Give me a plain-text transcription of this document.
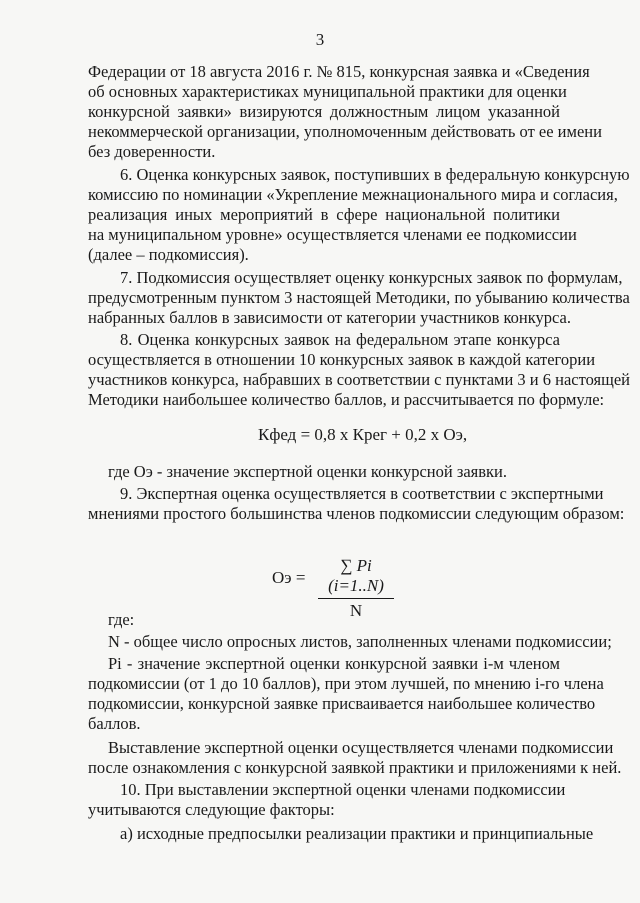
3
Федерации от 18 августа 2016 г. № 815, конкурсная заявка и «Сведения
об основных характеристиках муниципальной практики для оценки
конкурсной заявки» визируются должностным лицом указанной
некоммерческой организации, уполномоченным действовать от ее имени
без доверенности.
6. Оценка конкурсных заявок, поступивших в федеральную конкурсную
комиссию по номинации «Укрепление межнационального мира и согласия,
реализация иных мероприятий в сфере национальной политики
на муниципальном уровне» осуществляется членами ее подкомиссии
(далее – подкомиссия).
7. Подкомиссия осуществляет оценку конкурсных заявок по формулам,
предусмотренным пунктом 3 настоящей Методики, по убыванию количества
набранных баллов в зависимости от категории участников конкурса.
8. Оценка конкурсных заявок на федеральном этапе конкурса
осуществляется в отношении 10 конкурсных заявок в каждой категории
участников конкурса, набравших в соответствии с пунктами 3 и 6 настоящей
Методики наибольшее количество баллов, и рассчитывается по формуле:
Кфед = 0,8 х Крег + 0,2 х Оэ,
где Оэ - значение экспертной оценки конкурсной заявки.
9. Экспертная оценка осуществляется в соответствии с экспертными
мнениями простого большинства членов подкомиссии следующим образом:
Оэ = $\frac{\sum Pi (i=1..N)}{N}$
где:
N - общее число опросных листов, заполненных членами подкомиссии;
Pi - значение экспертной оценки конкурсной заявки i-м членом
подкомиссии (от 1 до 10 баллов), при этом лучшей, по мнению i-го члена
подкомиссии, конкурсной заявке присваивается наибольшее количество
баллов.
Выставление экспертной оценки осуществляется членами подкомиссии
после ознакомления с конкурсной заявкой практики и приложениями к ней.
10. При выставлении экспертной оценки членами подкомиссии
учитываются следующие факторы:
а) исходные предпосылки реализации практики и принципиальные
